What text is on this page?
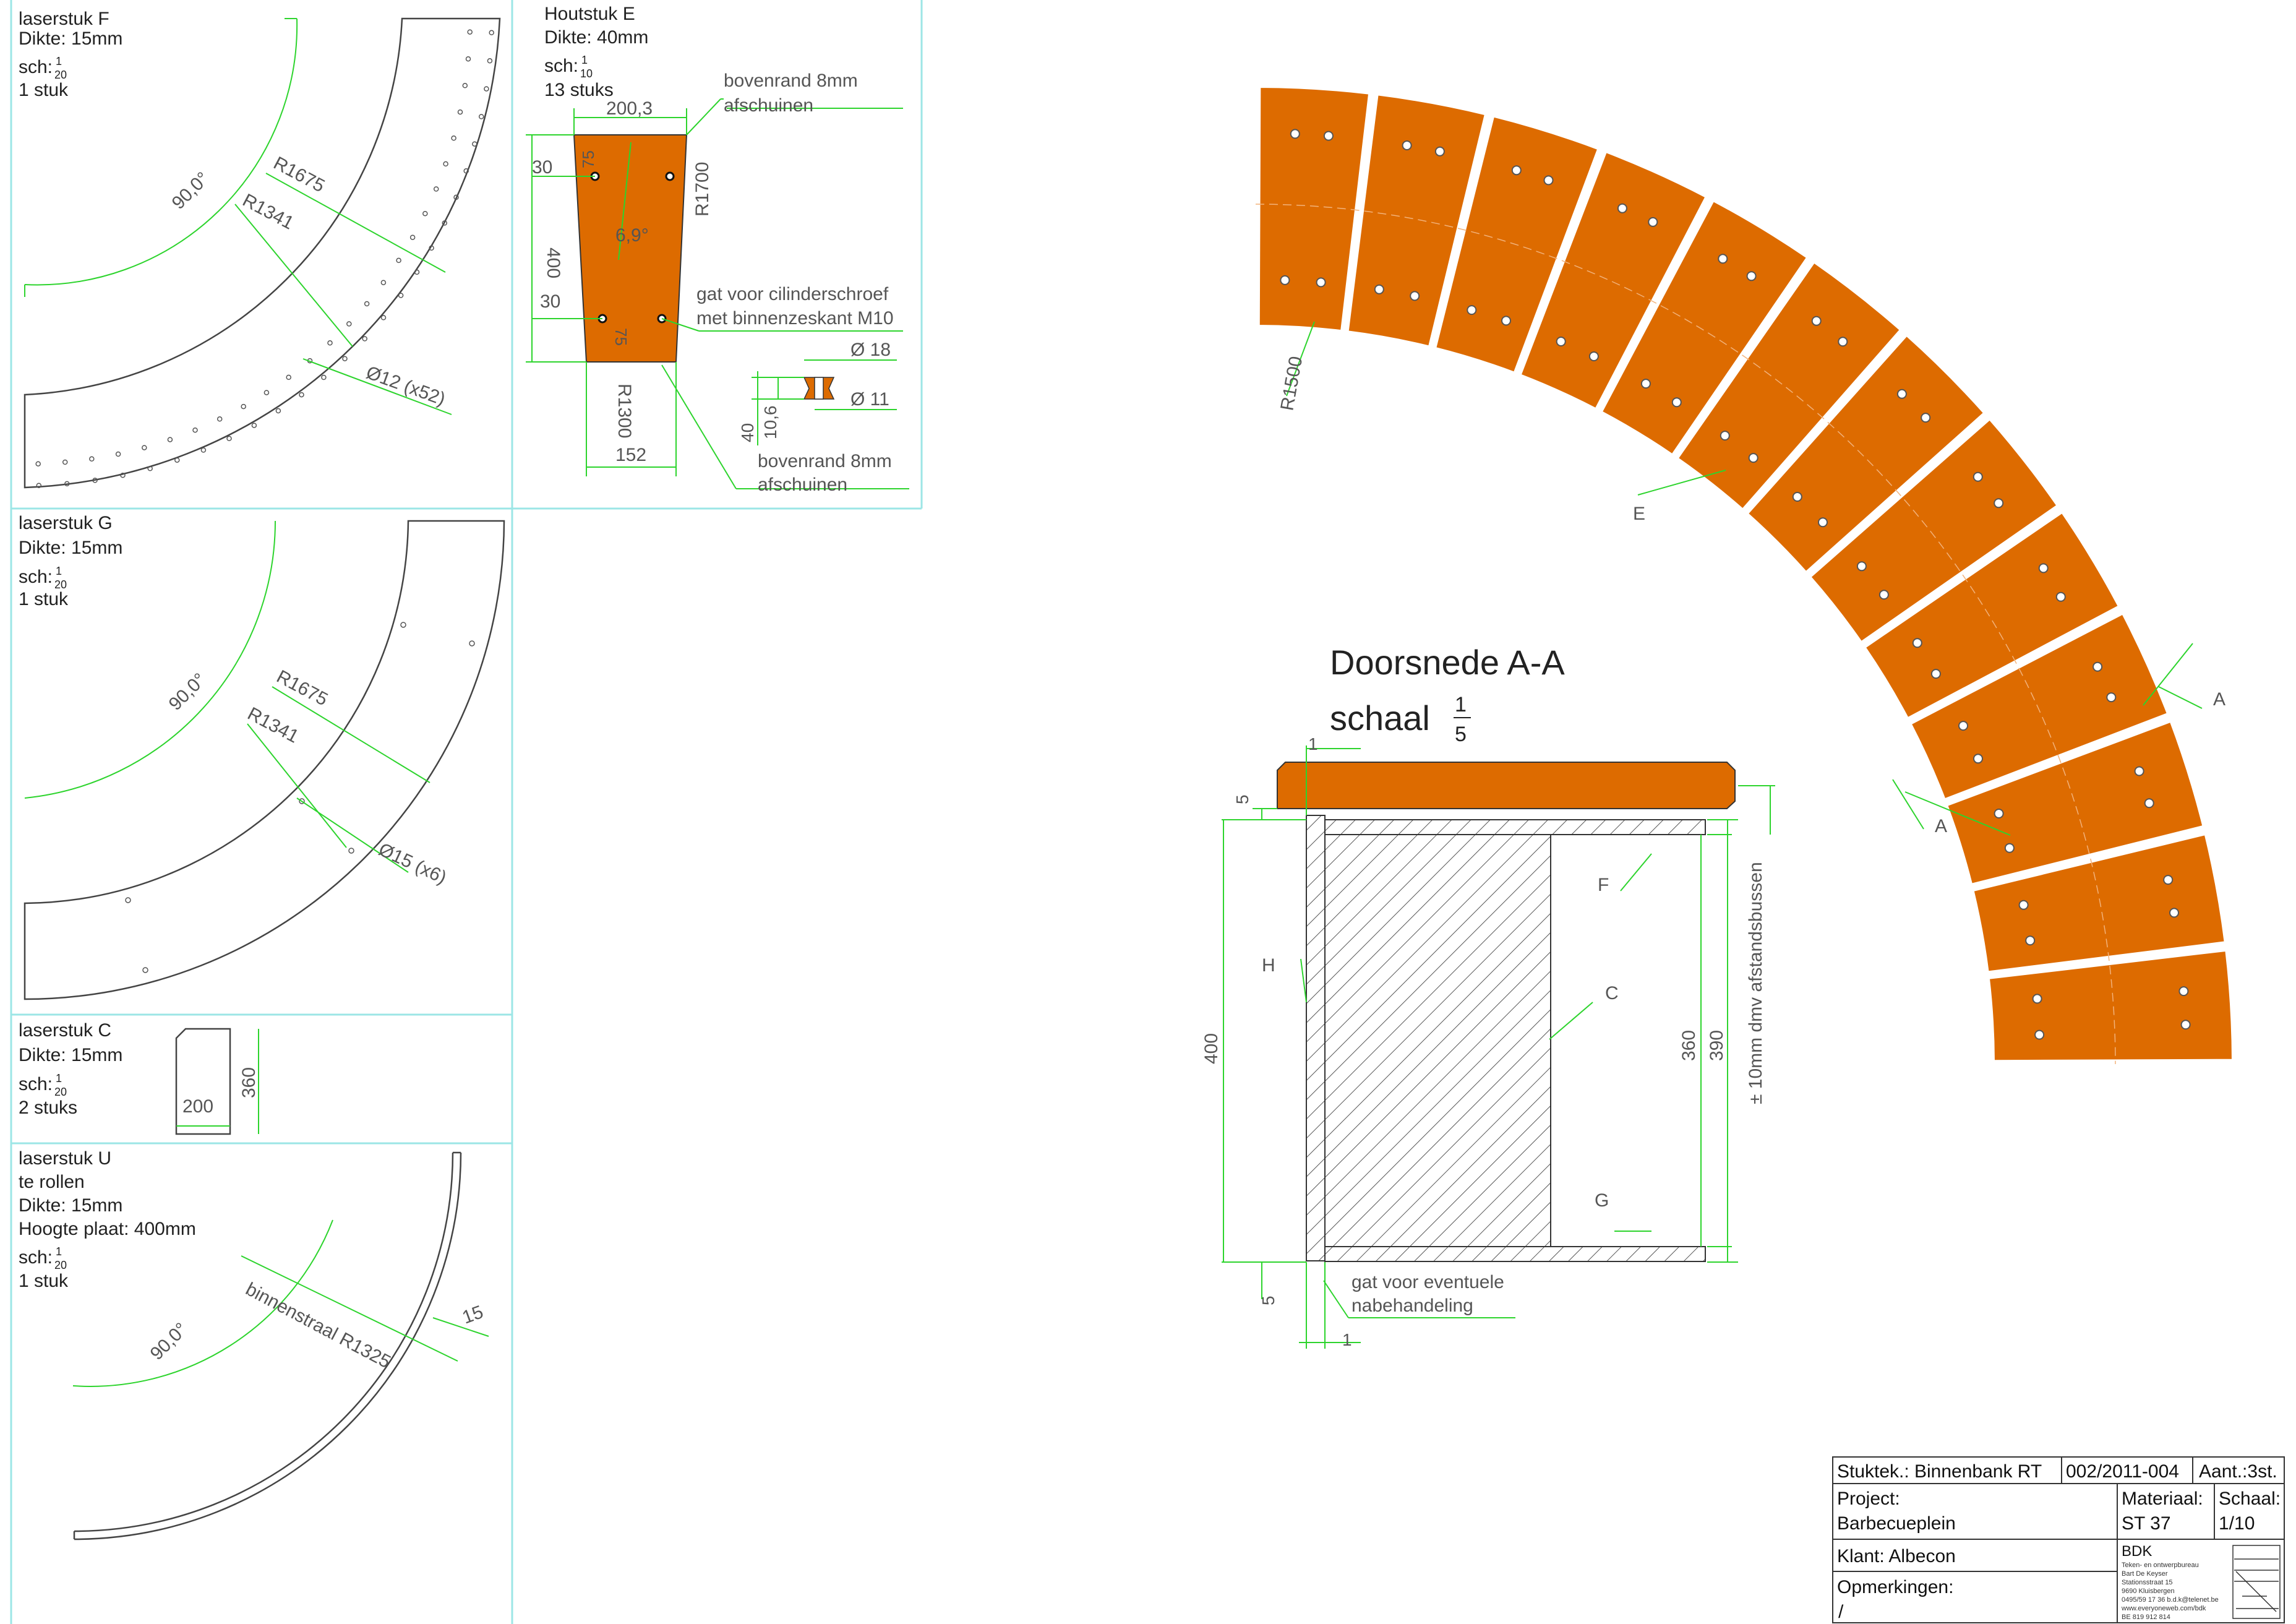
laserstuk F
Dikte: 15mm
sch: 1
20
1 stuk
90,0°	R1675
R1341
Ø12 (x52)
laserstuk G
Dikte: 15mm
sch: 1
20
1 stuk
90,0°	R1675
R1341
Ø15 (x6)
laserstuk C
Dikte: 15mm
sch: 1
20
2 stuks	200
360
laserstuk U
te rollen
Dikte: 15mm
Hoogte plaat: 400mm
sch: 1
20
1 stuk
90,0°	binnenstraal R1325	15
Houtstuk E
Dikte: 40mm
sch: 1
10
13 stuks
200,3
75
75
30
30
400
6,9°
R1700
R1300
152
bovenrand 8mm
afschuinen
gat voor cilinderschroef
met binnenzeskant M10
bovenrand 8mm
afschuinen
Ø 18
Ø 11
40 10,6
R1500
E
A
A
Doorsnede A-A
schaal 1
5
1
5
400
H
F
C
G
360 390 ± 10mm dmv afstandsbussen
5
1
gat voor eventuele
nabehandeling
Stuktek.: Binnenbank RT 002/2011-004 Aant.:3st.
Project:
Barbecueplein
Materiaal:
ST 37
Schaal:
1/10
Klant: Albecon
Opmerkingen:
/
BDK
Teken- en ontwerpbureau
Bart De Keyser
Stationsstraat 15
9690 Kluisbergen
0495/59 17 36 b.d.k@telenet.be
www.everyoneweb.com/bdk
BE 819 912 814
